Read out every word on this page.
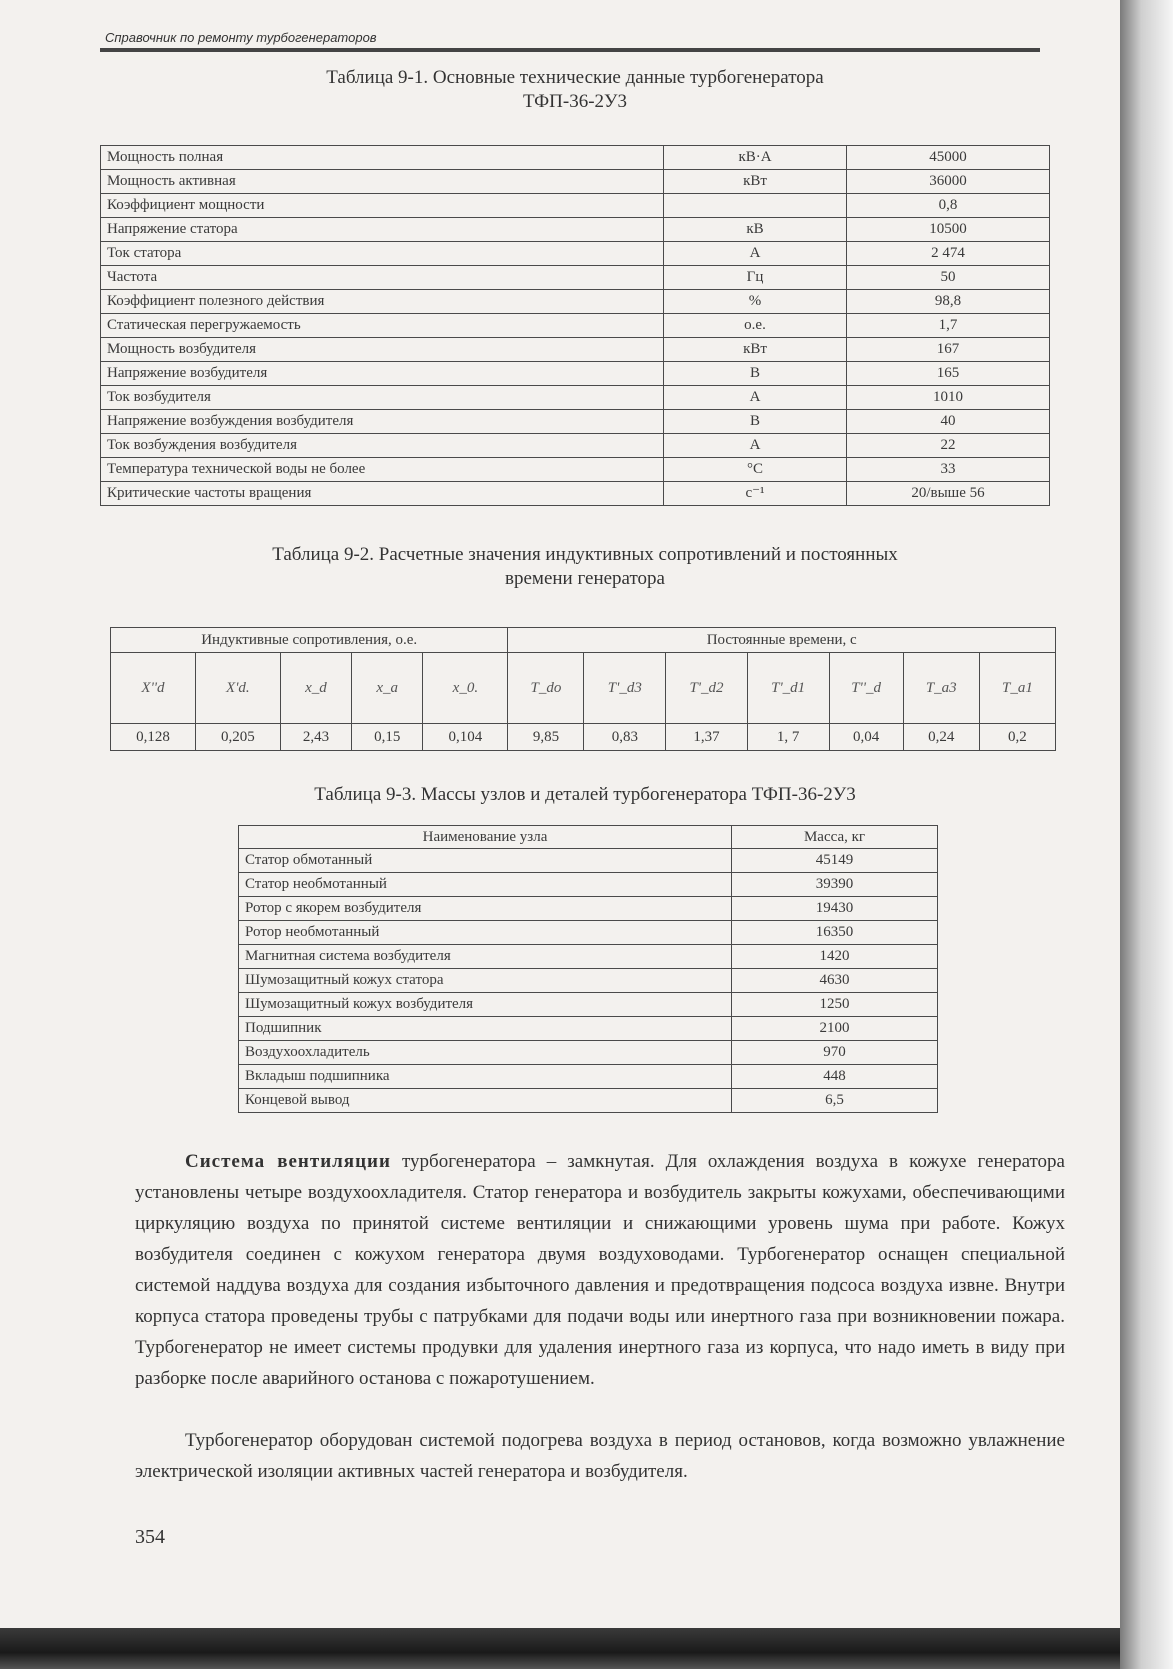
Справочник по ремонту турбогенераторов
Таблица 9-1. Основные технические данные турбогенератора
ТФП-36-2У3
Мощность полная	кВ·А	45000
Мощность активная	кВт	36000
Коэффициент мощности		0,8
Напряжение статора	кВ	10500
Ток статора	А	2 474
Частота	Гц	50
Коэффициент полезного действия	%	98,8
Статическая перегружаемость	о.е.	1,7
Мощность возбудителя	кВт	167
Напряжение возбудителя	В	165
Ток возбудителя	А	1010
Напряжение возбуждения возбудителя	В	40
Ток возбуждения возбудителя	А	22
Температура технической воды не более	°С	33
Критические частоты вращения	с⁻¹	20/выше 56
Таблица 9-2. Расчетные значения индуктивных сопротивлений и постоянных
времени генератора
Индуктивные сопротивления, о.е.					Постоянные времени, с						
X''d	X'd.	x_d	x_a	x_0.	T_do	T'_d3	T'_d2	T'_d1	T''_d	T_a3	T_a1
0,128	0,205	2,43	0,15	0,104	9,85	0,83	1,37	1, 7	0,04	0,24	0,2
Таблица 9-3. Массы узлов и деталей турбогенератора ТФП-36-2У3
Наименование узла	Масса, кг
Статор обмотанный	45149
Статор необмотанный	39390
Ротор с якорем возбудителя	19430
Ротор необмотанный	16350
Магнитная система возбудителя	1420
Шумозащитный кожух статора	4630
Шумозащитный кожух возбудителя	1250
Подшипник	2100
Воздухоохладитель	970
Вкладыш подшипника	448
Концевой вывод	6,5
Система вентиляции турбогенератора – замкнутая. Для охлаждения воздуха в кожухе генератора установлены четыре воздухоохладителя. Статор генератора и возбудитель закрыты кожухами, обеспечивающими циркуляцию воздуха по принятой системе вентиляции и снижающими уровень шума при работе. Кожух возбудителя соединен с кожухом генератора двумя воздуховодами. Турбогенератор оснащен специальной системой наддува воздуха для создания избыточного давления и предотвращения подсоса воздуха извне. Внутри корпуса статора проведены трубы с патрубками для подачи воды или инертного газа при возникновении пожара. Турбогенератор не имеет системы продувки для удаления инертного газа из корпуса, что надо иметь в виду при разборке после аварийного останова с пожаротушением.
Турбогенератор оборудован системой подогрева воздуха в период остановов, когда возможно увлажнение электрической изоляции активных частей генератора и возбудителя.
354
